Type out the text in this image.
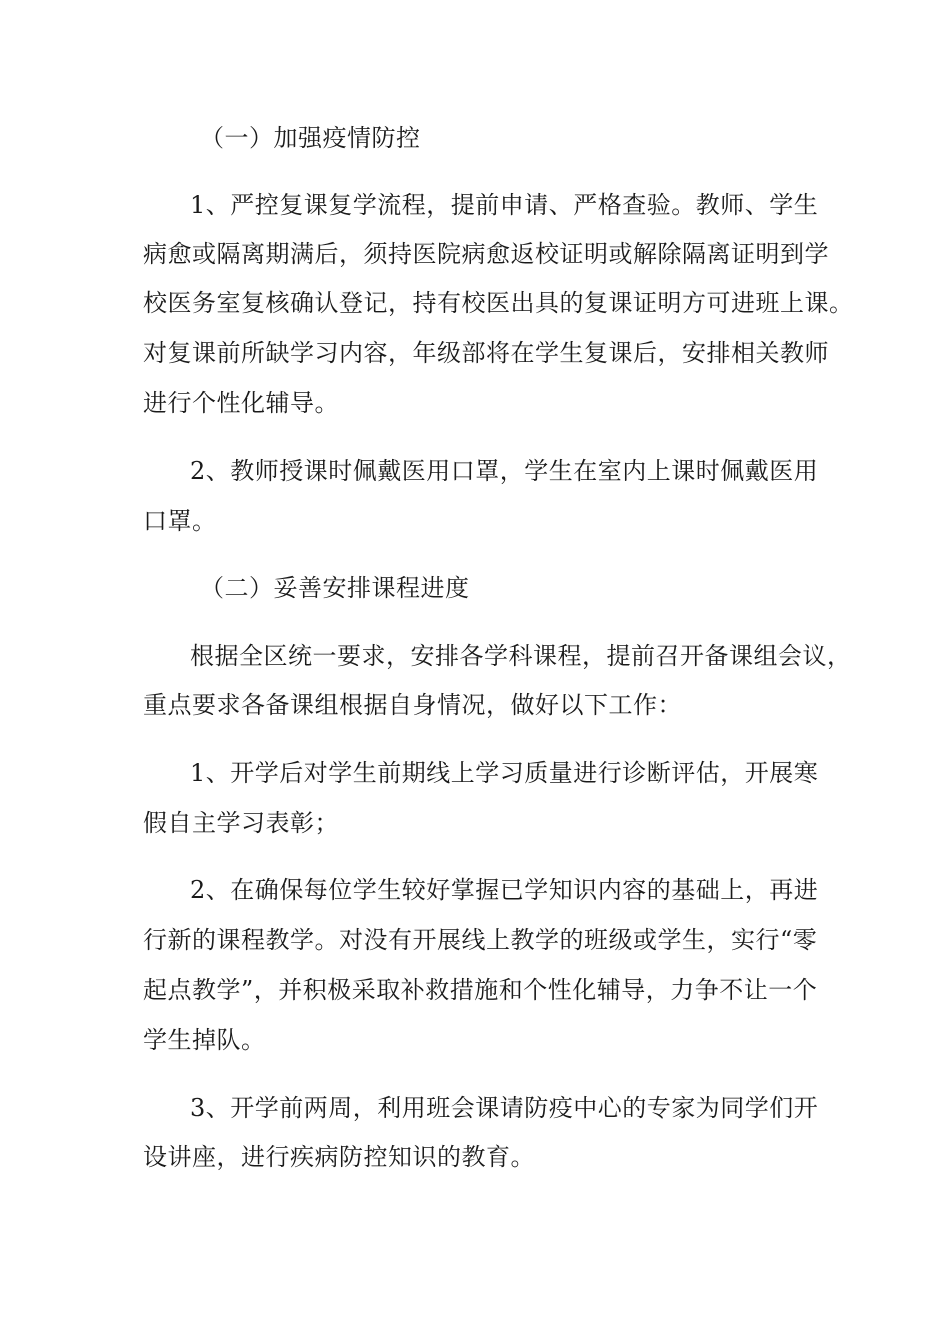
（一）加强疫情防控
1、严控复课复学流程，提前申请、严格查验。教师、学生
病愈或隔离期满后，须持医院病愈返校证明或解除隔离证明到学
校医务室复核确认登记，持有校医出具的复课证明方可进班上课。
对复课前所缺学习内容，年级部将在学生复课后，安排相关教师
进行个性化辅导。
2、教师授课时佩戴医用口罩，学生在室内上课时佩戴医用
口罩。
（二）妥善安排课程进度
根据全区统一要求，安排各学科课程，提前召开备课组会议，
重点要求各备课组根据自身情况，做好以下工作：
1、开学后对学生前期线上学习质量进行诊断评估，开展寒
假自主学习表彰；
2、在确保每位学生较好掌握已学知识内容的基础上，再进
行新的课程教学。对没有开展线上教学的班级或学生，实行“零
起点教学”，并积极采取补救措施和个性化辅导，力争不让一个
学生掉队。
3、开学前两周，利用班会课请防疫中心的专家为同学们开
设讲座，进行疾病防控知识的教育。
